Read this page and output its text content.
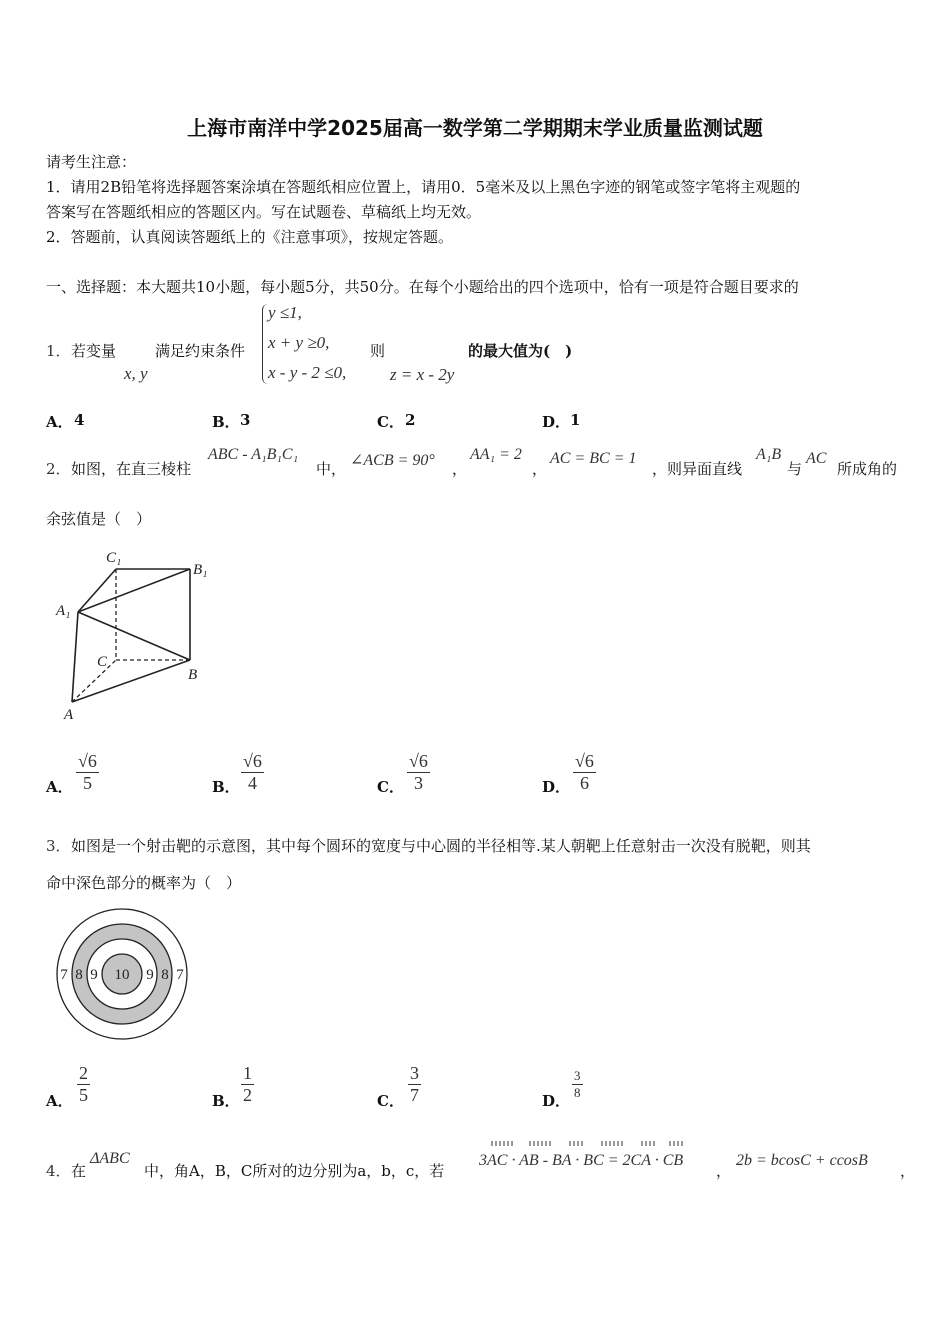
上海市南洋中学2025届高一数学第二学期期末学业质量监测试题
请考生注意：
1．请用2B铅笔将选择题答案涂填在答题纸相应位置上，请用0．5毫米及以上黑色字迹的钢笔或签字笔将主观题的
答案写在答题纸相应的答题区内。写在试题卷、草稿纸上均无效。
2．答题前，认真阅读答题纸上的《注意事项》，按规定答题。
一、选择题：本大题共10小题，每小题5分，共50分。在每个小题给出的四个选项中，恰有一项是符合题目要求的
1． 若变量	满足约束条件
x, y
y ≤1,
x + y ≥0,
x - y - 2 ≤0,
则
z = x - 2y
的最大值为(　)
A． 4	B． 3	C． 2	D． 1
2． 如图，在直三棱柱
ABC - A₁B₁C₁
中， ∠ACB = 90° ，
AA₁ = 2
，
AC = BC = 1
，则异面直线
A₁B
与
AC
所成角的
余弦值是（　）
C₁
B₁
A₁
C
B
A
A． $\frac{√6}{5}$	B． $\frac{√6}{4}$	C． $\frac{√6}{3}$	D． $\frac{√6}{6}$
3． 如图是一个射击靶的示意图，其中每个圆环的宽度与中心圆的半径相等.某人朝靶上任意射击一次没有脱靶，则其
命中深色部分的概率为（　）
10
9	9
8	8
7	7
A． $\frac{2}{5}$	B． $\frac{1}{2}$	C． $\frac{3}{7}$	D． $\frac{3}{8}$
4． 在
ΔABC
中，角A，B，C所对的边分别为a，b，c，若
3AC · AB - BA · BC = 2CA · CB
，
2b = bcosC + ccosB
，
